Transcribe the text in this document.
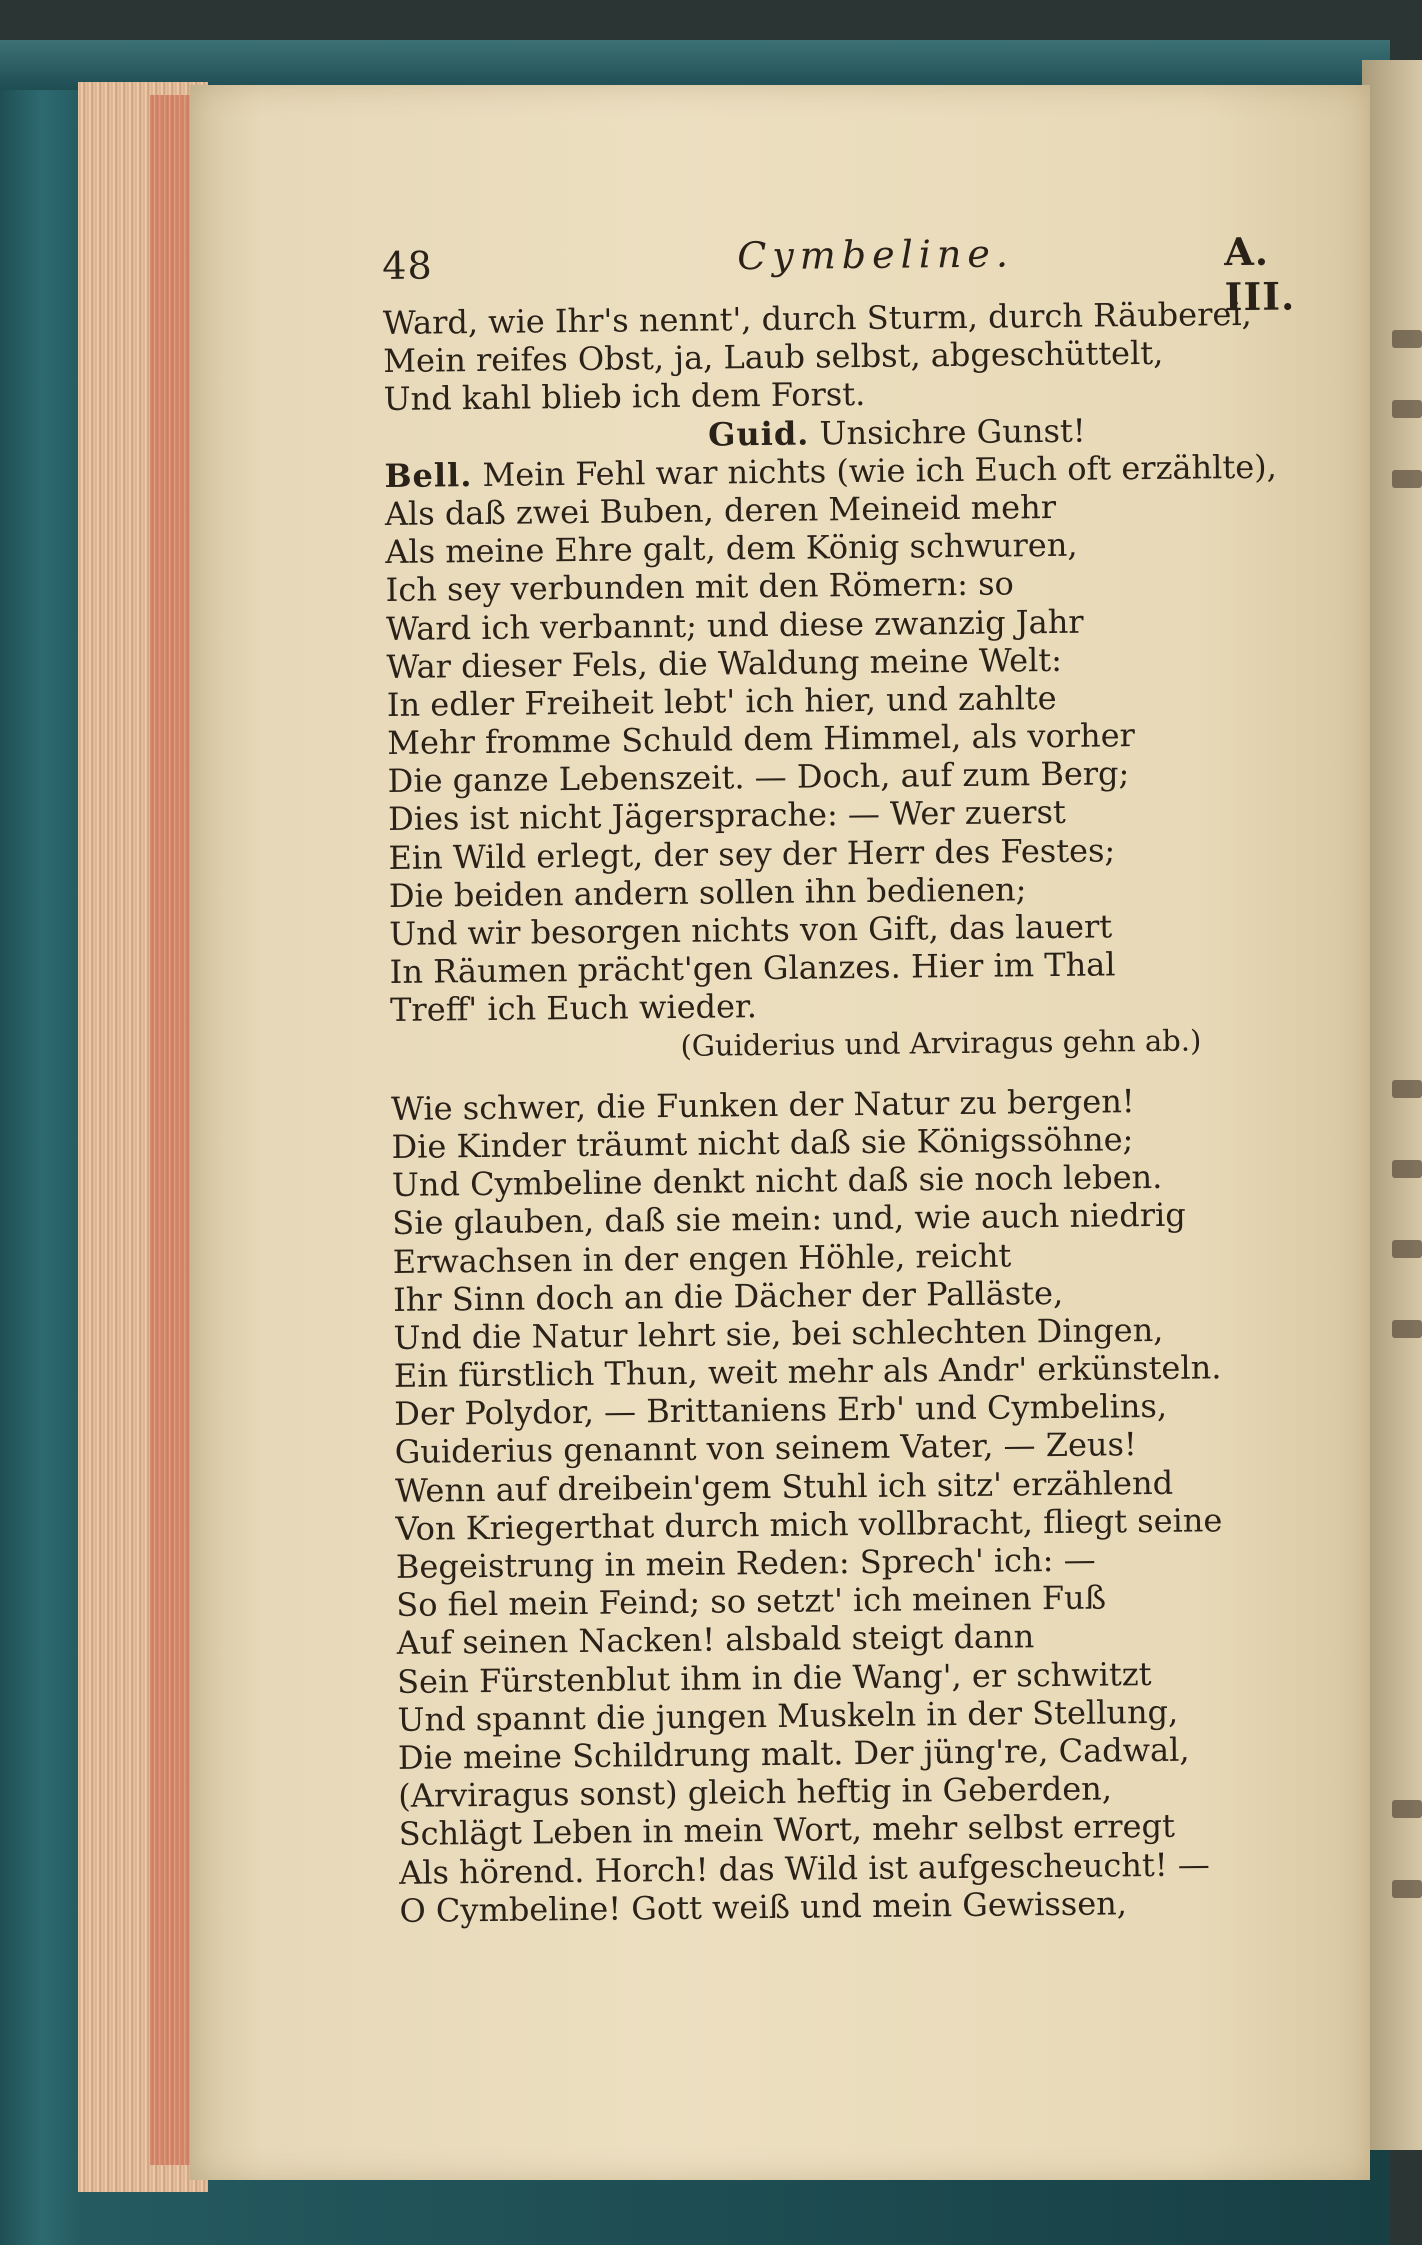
48	Cymbeline.	A. III.
Ward, wie Ihr's nennt', durch Sturm, durch Räuberei,
Mein reifes Obst, ja, Laub selbst, abgeschüttelt,
Und kahl blieb ich dem Forst.
Guid. Unsichre Gunst!
Bell. Mein Fehl war nichts (wie ich Euch oft erzählte),
Als daß zwei Buben, deren Meineid mehr
Als meine Ehre galt, dem König schwuren,
Ich sey verbunden mit den Römern: so
Ward ich verbannt; und diese zwanzig Jahr
War dieser Fels, die Waldung meine Welt:
In edler Freiheit lebt' ich hier, und zahlte
Mehr fromme Schuld dem Himmel, als vorher
Die ganze Lebenszeit. — Doch, auf zum Berg;
Dies ist nicht Jägersprache: — Wer zuerst
Ein Wild erlegt, der sey der Herr des Festes;
Die beiden andern sollen ihn bedienen;
Und wir besorgen nichts von Gift, das lauert
In Räumen prächt'gen Glanzes. Hier im Thal
Treff' ich Euch wieder.
(Guiderius und Arviragus gehn ab.)
Wie schwer, die Funken der Natur zu bergen!
Die Kinder träumt nicht daß sie Königssöhne;
Und Cymbeline denkt nicht daß sie noch leben.
Sie glauben, daß sie mein: und, wie auch niedrig
Erwachsen in der engen Höhle, reicht
Ihr Sinn doch an die Dächer der Palläste,
Und die Natur lehrt sie, bei schlechten Dingen,
Ein fürstlich Thun, weit mehr als Andr' erkünsteln.
Der Polydor, — Brittaniens Erb' und Cymbelins,
Guiderius genannt von seinem Vater, — Zeus!
Wenn auf dreibein'gem Stuhl ich sitz' erzählend
Von Kriegerthat durch mich vollbracht, fliegt seine
Begeistrung in mein Reden: Sprech' ich: —
So fiel mein Feind; so setzt' ich meinen Fuß
Auf seinen Nacken! alsbald steigt dann
Sein Fürstenblut ihm in die Wang', er schwitzt
Und spannt die jungen Muskeln in der Stellung,
Die meine Schildrung malt. Der jüng're, Cadwal,
(Arviragus sonst) gleich heftig in Geberden,
Schlägt Leben in mein Wort, mehr selbst erregt
Als hörend. Horch! das Wild ist aufgescheucht! —
O Cymbeline! Gott weiß und mein Gewissen,
